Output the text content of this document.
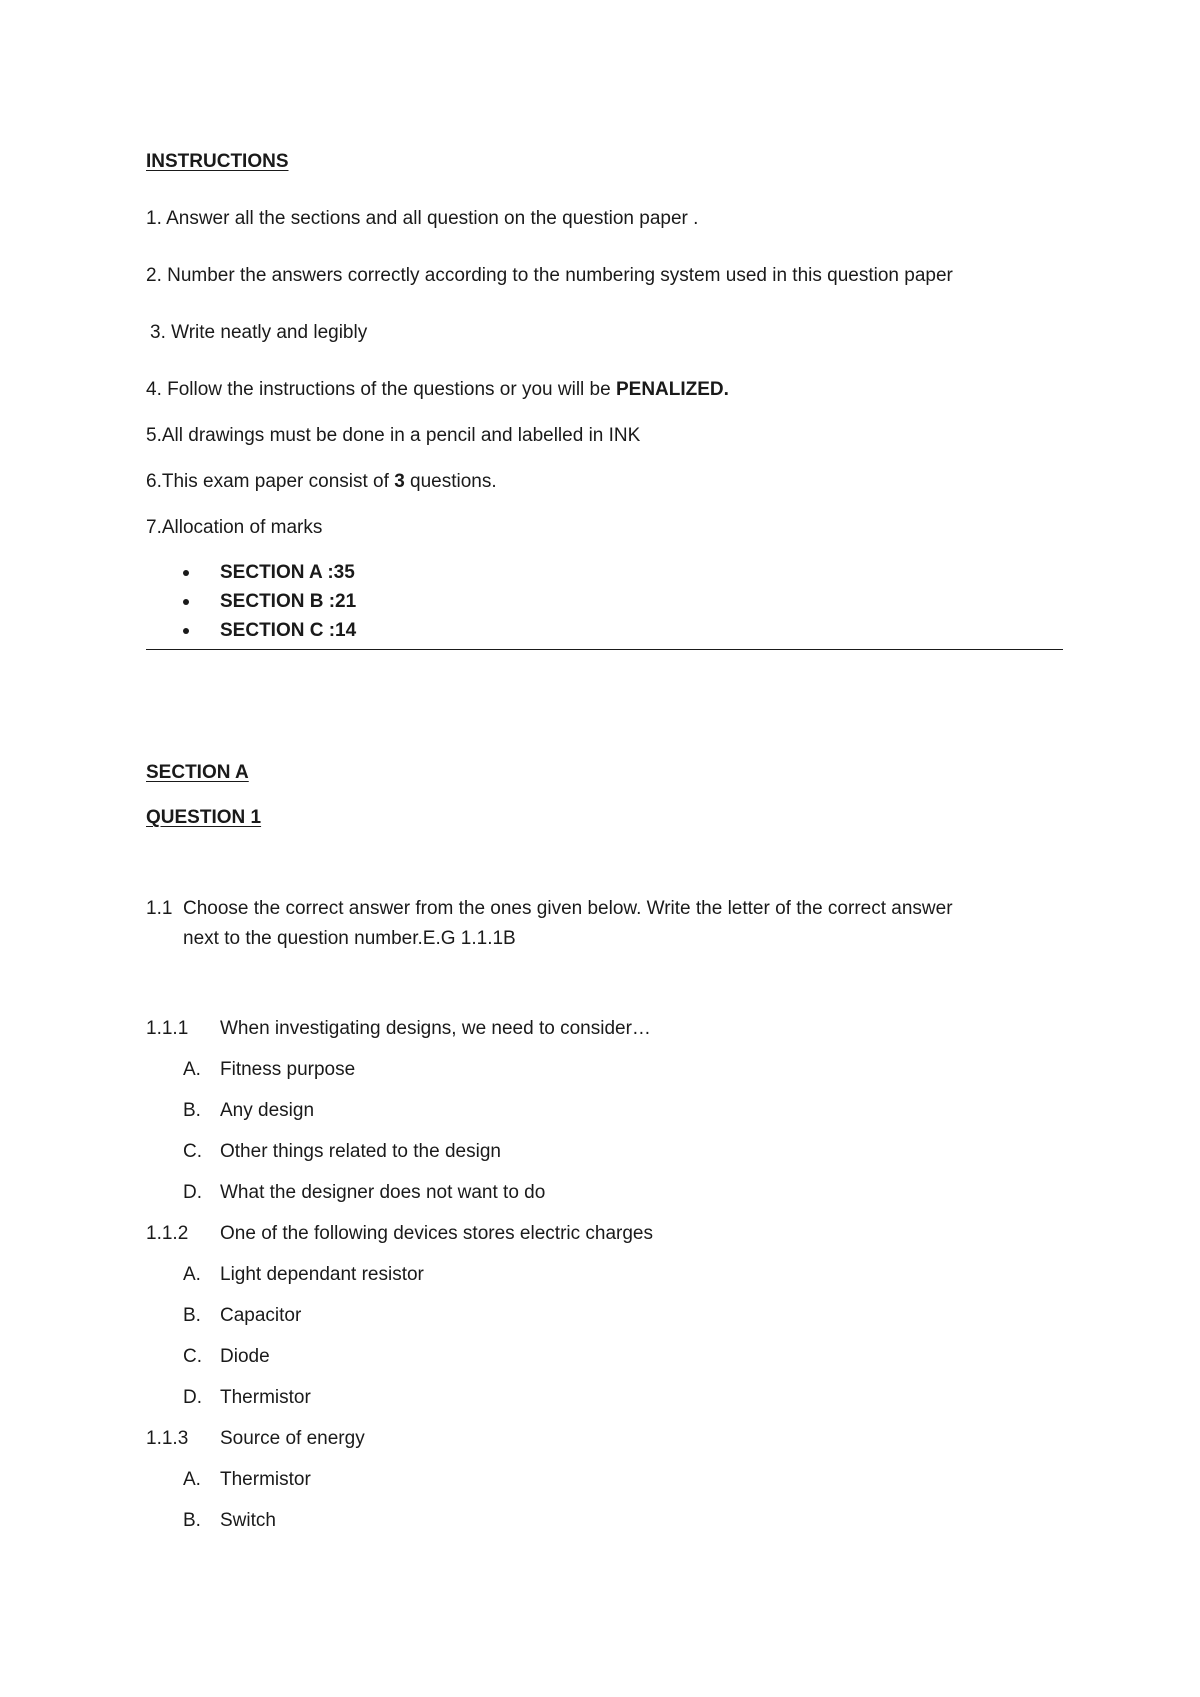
INSTRUCTIONS
1. Answer all the sections and all question on the question paper .
2. Number the answers correctly according to the numbering system used in this question paper
3. Write neatly and legibly
4. Follow the instructions of the questions or you will be PENALIZED.
5.All drawings must be done in a pencil and labelled in INK
6.This exam paper consist of 3 questions.
7.Allocation of marks
SECTION A :35
SECTION B :21
SECTION C :14
SECTION A
QUESTION 1
1.1 Choose the correct answer from the ones given below. Write the letter of the correct answer
next to the question number.E.G 1.1.1B
1.1.1 When investigating designs, we need to consider…
A. Fitness purpose
B. Any design
C. Other things related to the design
D. What the designer does not want to do
1.1.2 One of the following devices stores electric charges
A. Light dependant resistor
B. Capacitor
C. Diode
D. Thermistor
1.1.3 Source of energy
A. Thermistor
B. Switch
